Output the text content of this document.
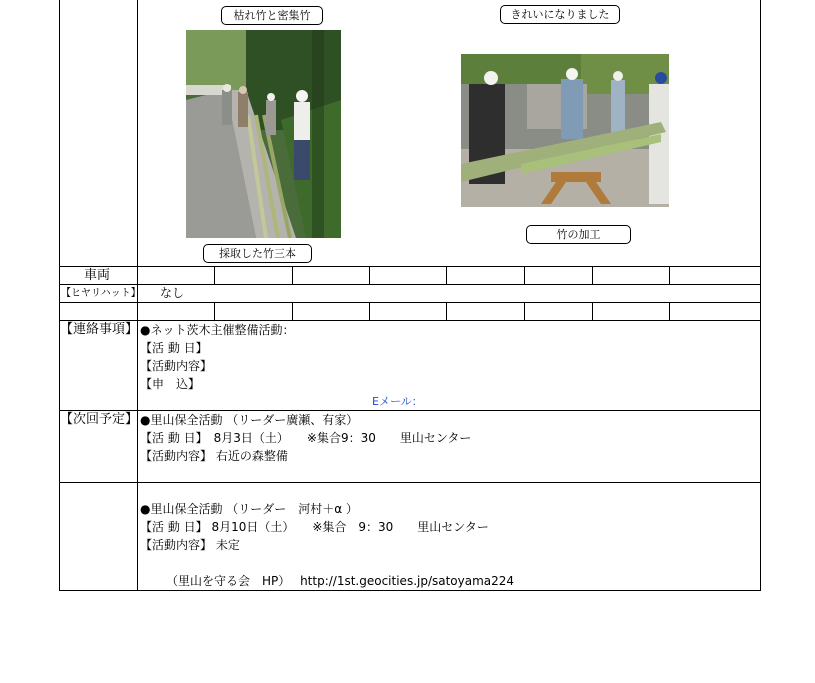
枯れ竹と密集竹
採取した竹三本
きれいになりました
竹の加工
車両
【ヒヤリハット】 なし
【連絡事項】 ●ネット茨木主催整備活動：
【活 動 日】
【活動内容】
【申　込】
Eメール：
【次回予定】 ●里山保全活動 （リーダー廣瀬、有家）
【活 動 日】　8月3日（土）　　※集合9：30　　里山センター
【活動内容】 右近の森整備
●里山保全活動 （リーダー　河村＋α ）
【活 動 日】 8月10日（土）　　※集合　9：30　　里山センター
【活動内容】 未定
（里山を守る会　HP）　 http://1st.geocities.jp/satoyama224
